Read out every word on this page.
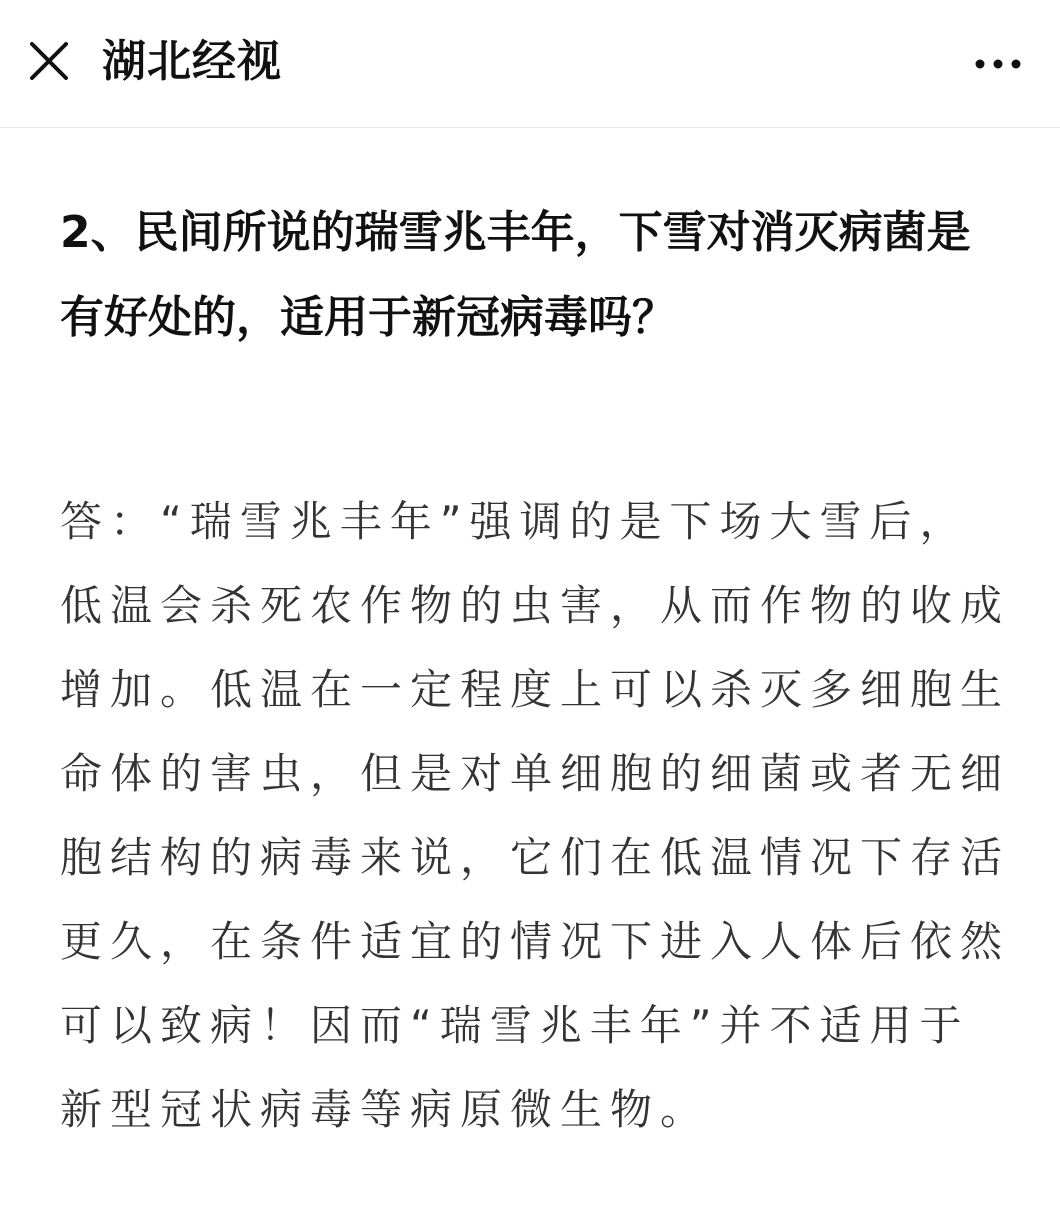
湖北经视

2、民间所说的瑞雪兆丰年，下雪对消灭病菌是有好处的，适用于新冠病毒吗？

答：“瑞雪兆丰年”强调的是下场大雪后，低温会杀死农作物的虫害，从而作物的收成增加。低温在一定程度上可以杀灭多细胞生命体的害虫，但是对单细胞的细菌或者无细胞结构的病毒来说，它们在低温情况下存活更久，在条件适宜的情况下进入人体后依然可以致病！因而“瑞雪兆丰年”并不适用于新型冠状病毒等病原微生物。
